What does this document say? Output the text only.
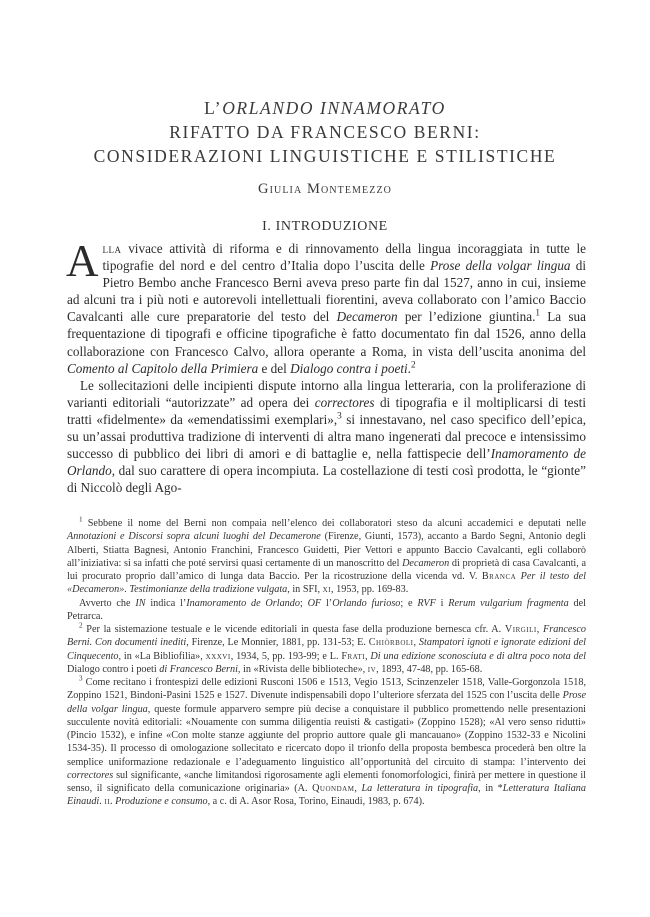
L’ORLANDO INNAMORATO
RIFATTO DA FRANCESCO BERNI:
CONSIDERAZIONI LINGUISTICHE E STILISTICHE
Giulia Montemezzo
I. INTRODUZIONE

Alla vivace attività di riforma e di rinnovamento della lingua incoraggiata in tutte le tipografie del nord e del centro d’Italia dopo l’uscita delle Prose della volgar lingua di Pietro Bembo anche Francesco Berni aveva preso parte fin dal 1527, anno in cui, insieme ad alcuni tra i più noti e autorevoli intellettuali fiorentini, aveva collaborato con l’amico Baccio Cavalcanti alle cure preparatorie del testo del Decameron per l’edizione giuntina.$^1$ La sua frequentazione di tipografi e officine tipografiche è fatto documentato fin dal 1526, anno della collaborazione con Francesco Calvo, allora operante a Roma, in vista dell’uscita anonima del Comento al Capitolo della Primiera e del Dialogo contra i poeti.$^2$

Le sollecitazioni delle incipienti dispute intorno alla lingua letteraria, con la proliferazione di varianti editoriali “autorizzate” ad opera dei correctores di tipografia e il moltiplicarsi di testi tratti «fidelmente» da «emendatissimi exemplari»,$^3$ si innestavano, nel caso specifico dell’epica, su un’assai produttiva tradizione di interventi di altra mano ingenerati dal precoce e intensissimo successo di pubblico dei libri di amori e di battaglie e, nella fattispecie dell’Inamoramento de Orlando, dal suo carattere di opera incompiuta. La costellazione di testi così prodotta, le “gionte” di Niccolò degli Ago-

$^1$ Sebbene il nome del Berni non compaia nell’elenco dei collaboratori steso da alcuni accademici e deputati nelle Annotazioni e Discorsi sopra alcuni luoghi del Decamerone (Firenze, Giunti, 1573), accanto a Bardo Segni, Antonio degli Alberti, Stiatta Bagnesi, Antonio Franchini, Francesco Guidetti, Pier Vettori e appunto Baccio Cavalcanti, egli collaborò all’iniziativa: si sa infatti che poté servirsi quasi certamente di un manoscritto del Decameron di proprietà di casa Cavalcanti, a lui procurato proprio dall’amico di lunga data Baccio. Per la ricostruzione della vicenda vd. V. Branca Per il testo del «Decameron». Testimonianze della tradizione vulgata, in SFI, xi, 1953, pp. 169-83.

Avverto che IN indica l’Inamoramento de Orlando; OF l’Orlando furioso; e RVF i Rerum vulgarium fragmenta del Petrarca.

$^2$ Per la sistemazione testuale e le vicende editoriali in questa fase della produzione bernesca cfr. A. Virgili, Francesco Berni. Con documenti inediti, Firenze, Le Monnier, 1881, pp. 131-53; E. Chiòrboli, Stampatori ignoti e ignorate edizioni del Cinquecento, in «La Bibliofilia», xxxvi, 1934, 5, pp. 193-99; e L. Frati, Di una edizione sconosciuta e di altra poco nota del Dialogo contro i poeti di Francesco Berni, in «Rivista delle biblioteche», iv, 1893, 47-48, pp. 165-68.

$^3$ Come recitano i frontespizi delle edizioni Rusconi 1506 e 1513, Vegio 1513, Scinzenzeler 1518, Valle-Gorgonzola 1518, Zoppino 1521, Bindoni-Pasini 1525 e 1527. Divenute indispensabili dopo l’ulteriore sferzata del 1525 con l’uscita delle Prose della volgar lingua, queste formule apparvero sempre più decise a conquistare il pubblico promettendo nelle presentazioni succulente novità editoriali: «Nouamente con summa diligentia reuisti & castigati» (Zoppino 1528); «Al vero senso ridutti» (Pincio 1532), e infine «Con molte stanze aggiunte del proprio auttore quale gli mancauano» (Zoppino 1532-33 e Nicolini 1534-35). Il processo di omologazione sollecitato e ricercato dopo il trionfo della proposta bembesca procederà ben oltre la semplice uniformazione redazionale e l’adeguamento linguistico all’opportunità del circuito di stampa: l’intervento dei correctores sul significante, «anche limitandosi rigorosamente agli elementi fonomorfologici, finirà per mettere in questione il senso, il significato della comunicazione originaria» (A. Quondam, La letteratura in tipografia, in *Letteratura Italiana Einaudi. ii. Produzione e consumo, a c. di A. Asor Rosa, Torino, Einaudi, 1983, p. 674).
